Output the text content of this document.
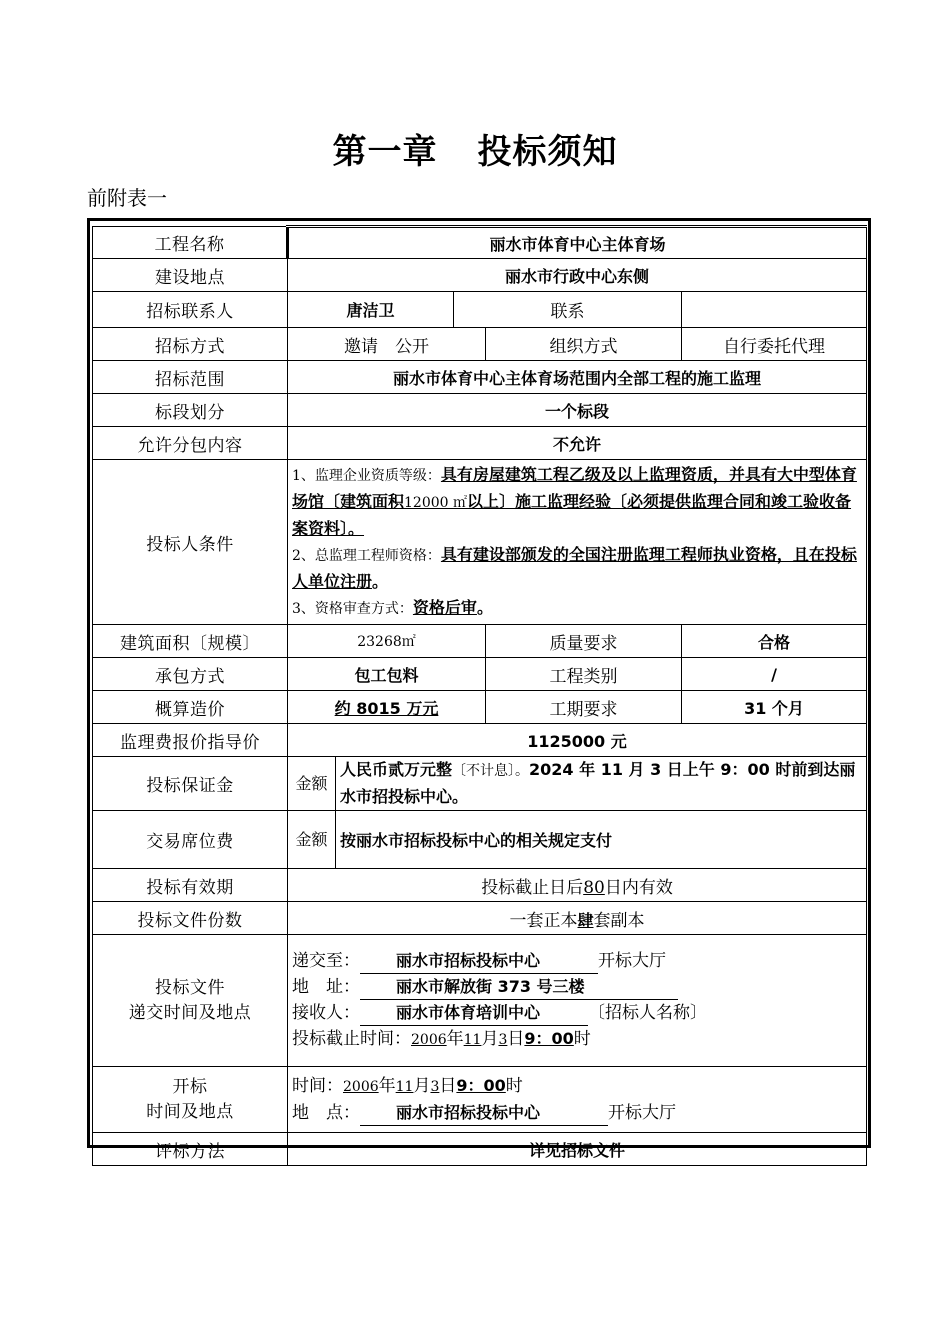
第一章 投标须知
前附表一
工程名称	丽水市体育中心主体育场				
建设地点	丽水市行政中心东侧				
招标联系人	唐洁卫		联系		
招标方式	邀请　公开			组织方式	自行委托代理
招标范围	丽水市体育中心主体育场范围内全部工程的施工监理				
标段划分	一个标段				
允许分包内容	不允许				
投标人条件	1、监理企业资质等级：具有房屋建筑工程乙级及以上监理资质，并具有大中型体育场馆〔建筑面积12000 ㎡以上〕施工监理经验〔必须提供监理合同和竣工验收备案资料〕。
2、总监理工程师资格：具有建设部颁发的全国注册监理工程师执业资格，且在投标人单位注册。
3、资格审查方式：资格后审。				
建筑面积〔规模〕	23268㎡			质量要求	合格
承包方式	包工包料			工程类别	/
概算造价	约 8015 万元			工期要求	31 个月
监理费报价指导价	1125000 元				
投标保证金	金额	人民币贰万元整〔不计息〕。2024 年 11 月 3 日上午 9：00 时前到达丽水市招投标中心。			
交易席位费	金额	按丽水市招标投标中心的相关规定支付			
投标有效期	投标截止日后80日内有效				
投标文件份数	一套正本肆套副本				
投标文件
递交时间及地点	递交至： 丽水市招标投标中心 开标大厅
地　址： 丽水市解放街 373 号三楼
接收人： 丽水市体育培训中心 〔招标人名称〕
投标截止时间：2006年11月3日9：00时				
开标
时间及地点	时间：2006年11月3日9：00时
地　点： 丽水市招标投标中心 开标大厅				
评标方法	详见招标文件				
